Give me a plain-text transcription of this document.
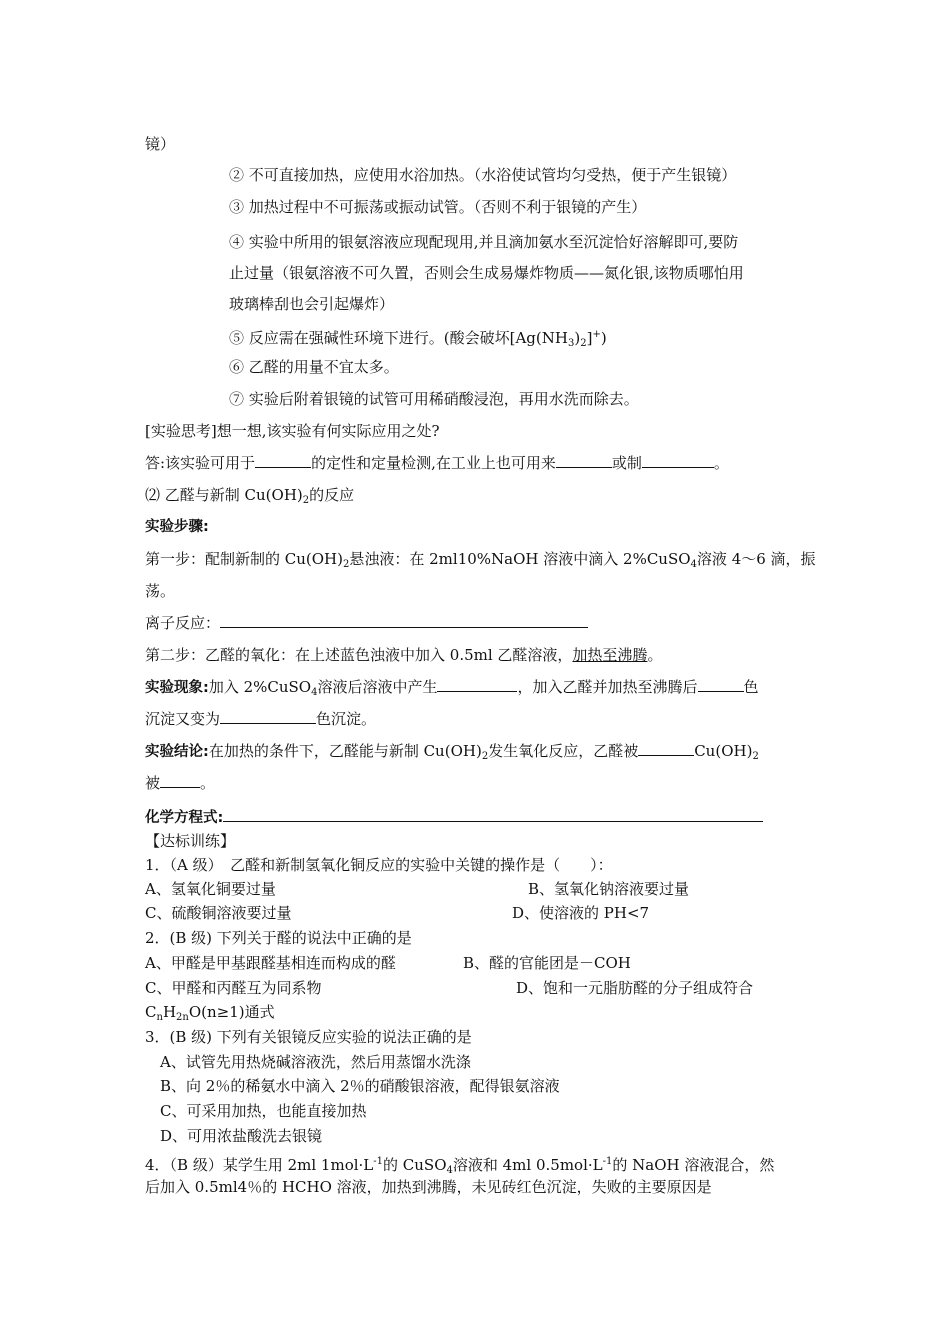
镜）
② 不可直接加热，应使用水浴加热。（水浴使试管均匀受热，便于产生银镜）
③ 加热过程中不可振荡或振动试管。（否则不利于银镜的产生）
④ 实验中所用的银氨溶液应现配现用,并且滴加氨水至沉淀恰好溶解即可,要防
止过量（银氨溶液不可久置，否则会生成易爆炸物质——氮化银,该物质哪怕用
玻璃棒刮也会引起爆炸）
⑤ 反应需在强碱性环境下进行。(酸会破坏$[Ag(NH_3)_2]^+$)
⑥ 乙醛的用量不宜太多。
⑦ 实验后附着银镜的试管可用稀硝酸浸泡，再用水洗而除去。
[实验思考]想一想,该实验有何实际应用之处?
答:该实验可用于	的定性和定量检测,在工业上也可用来	或制	。
⑵ 乙醛与新制 $Cu(OH)_2$的反应
实验步骤:
第一步：配制新制的 $Cu(OH)_2$悬浊液：在 2ml10%NaOH 溶液中滴入 2%CuSO$_4$溶液 4～6 滴，振
荡。
离子反应：
第二步：乙醛的氧化：在上述蓝色浊液中加入 0.5ml 乙醛溶液，加热至沸腾。
实验现象:加入 2%CuSO$_4$溶液后溶液中产生	，加入乙醛并加热至沸腾后	色
沉淀又变为	色沉淀。
实验结论:在加热的条件下，乙醛能与新制 $Cu(OH)_2$发生氧化反应，乙醛被	$Cu(OH)_2$
被	。
化学方程式:
【达标训练】
1．（A 级）　乙醛和新制氢氧化铜反应的实验中关键的操作是（　　）：
A、氢氧化铜要过量	B、氢氧化钠溶液要过量
C、硫酸铜溶液要过量	D、使溶液的 PH<7
2．(B 级) 下列关于醛的说法中正确的是
A、甲醛是甲基跟醛基相连而构成的醛	B、醛的官能团是－COH
C、甲醛和丙醛互为同系物	D、饱和一元脂肪醛的分子组成符合
$C_nH_{2n}O(n\ge 1)$通式
3．(B 级) 下列有关银镜反应实验的说法正确的是
A、试管先用热烧碱溶液洗，然后用蒸馏水洗涤
B、向 2％的稀氨水中滴入 2％的硝酸银溶液，配得银氨溶液
C、可采用加热，也能直接加热
D、可用浓盐酸洗去银镜
4．（B 级）某学生用 2ml $1mol\cdot L^{-1}$的 CuSO$_4$溶液和 4ml $0.5mol\cdot L^{-1}$的 NaOH 溶液混合，然
后加入 0.5ml4％的 HCHO 溶液，加热到沸腾，未见砖红色沉淀，失败的主要原因是
